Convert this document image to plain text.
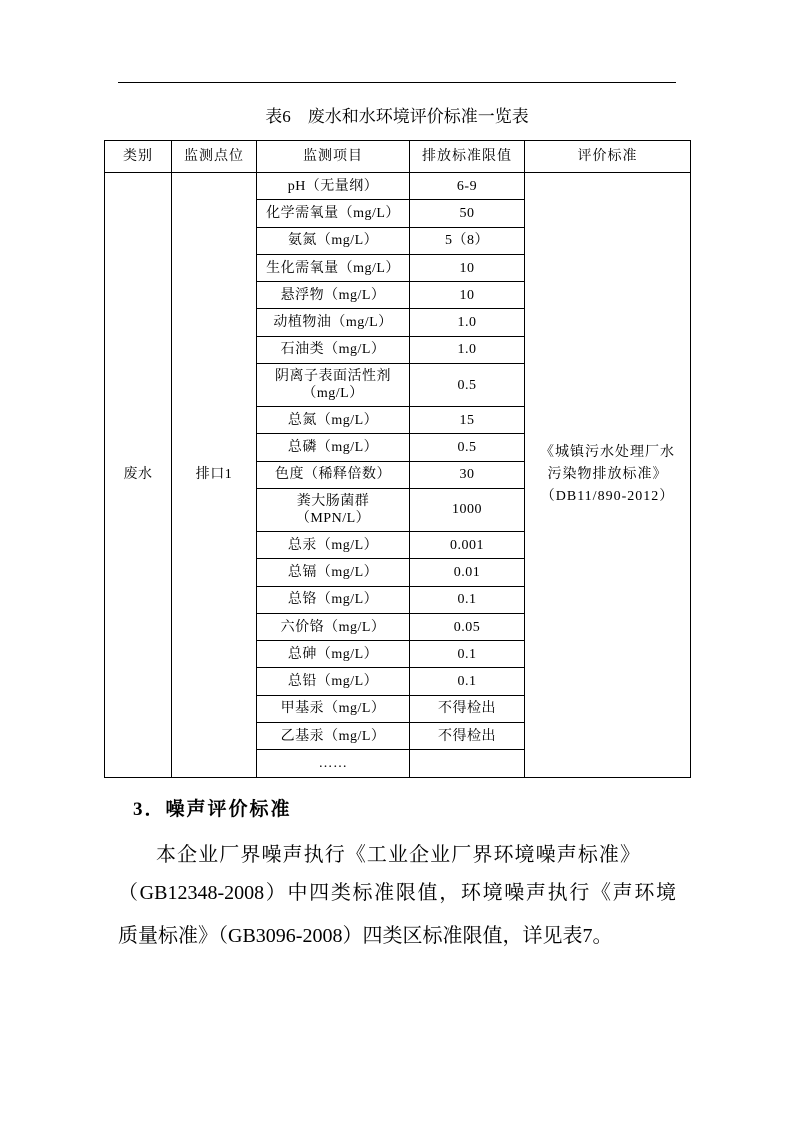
表6　废水和水环境评价标准一览表
类别	监测点位	监测项目	排放标准限值	评价标准
废水	排口1	pH（无量纲）	6-9	《城镇污水处理厂水
污染物排放标准》
（DB11/890-2012）

		化学需氧量（mg/L）	50	
		氨氮（mg/L）	5（8）	
		生化需氧量（mg/L）	10	
		悬浮物（mg/L）	10	
		动植物油（mg/L）	1.0	
		石油类（mg/L）	1.0	

		阴离子表面活性剂
（mg/L）	0.5	
		总氮（mg/L）	15	
		总磷（mg/L）	0.5	
		色度（稀释倍数）	30	

		粪大肠菌群
（MPN/L）	1000	
		总汞（mg/L）	0.001	
		总镉（mg/L）	0.01	
		总铬（mg/L）	0.1	
		六价铬（mg/L）	0.05	
		总砷（mg/L）	0.1	
		总铅（mg/L）	0.1	
		甲基汞（mg/L）	不得检出	
		乙基汞（mg/L）	不得检出	
		……		
3．噪声评价标准
本企业厂界噪声执行《工业企业厂界环境噪声标准》
（GB12348-2008）中四类标准限值，环境噪声执行《声环境
质量标准》（GB3096-2008）四类区标准限值，详见表7。
